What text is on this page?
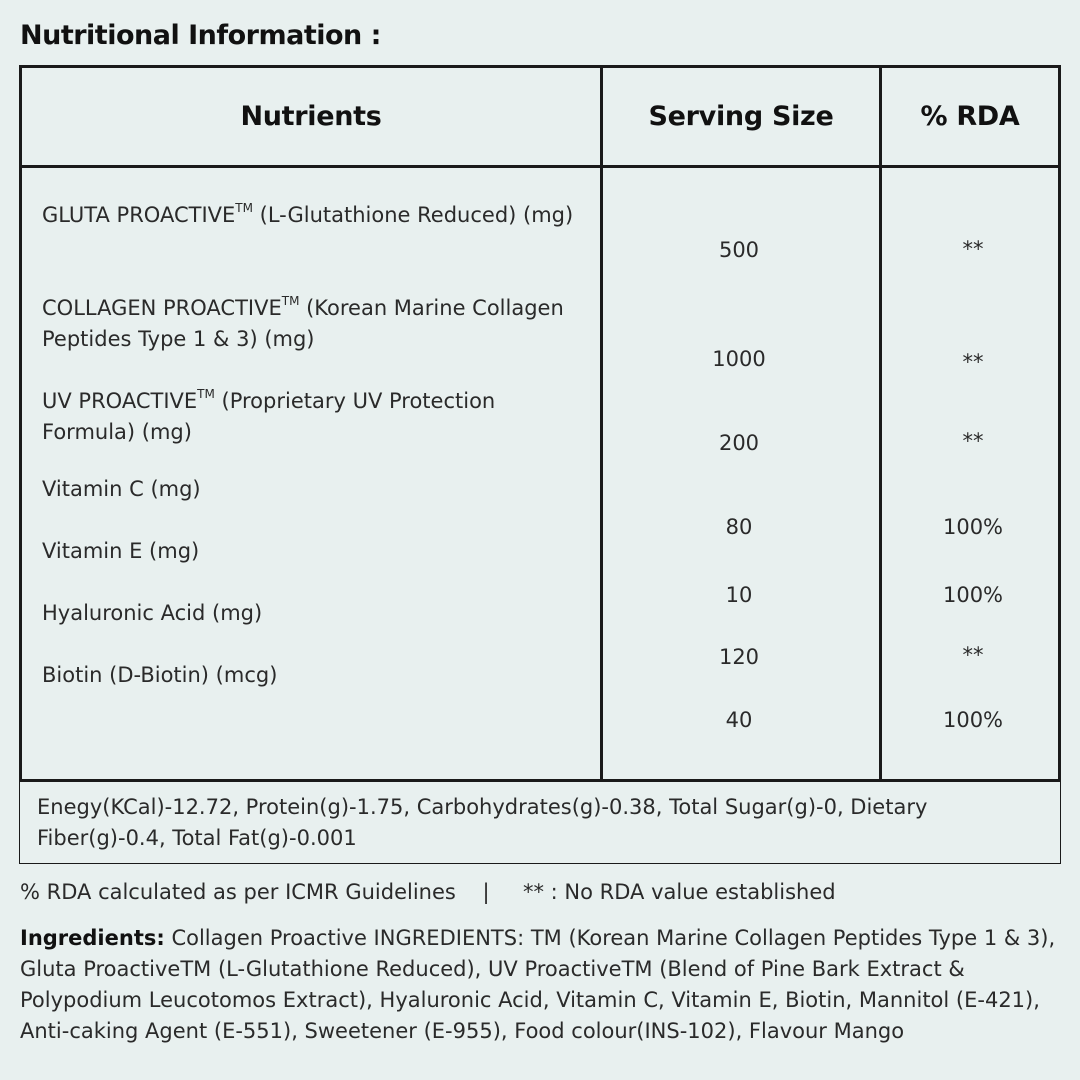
Nutritional Information :
Nutrients	Serving Size	% RDA
GLUTA PROACTIVE™ (L-Glutathione Reduced) (mg)
COLLAGEN PROACTIVE™ (Korean Marine Collagen Peptides Type 1 & 3) (mg)
UV PROACTIVE™ (Proprietary UV Protection Formula) (mg)
Vitamin C (mg)
Vitamin E (mg)
Hyaluronic Acid (mg)
Biotin (D-Biotin) (mcg)
500
1000
200
80
10
120
40
**
**
**
100%
100%
**
100%
Enegy(KCal)-12.72, Protein(g)-1.75, Carbohydrates(g)-0.38, Total Sugar(g)-0, Dietary Fiber(g)-0.4, Total Fat(g)-0.001
% RDA calculated as per ICMR Guidelines | ** : No RDA value established
Ingredients: Collagen Proactive INGREDIENTS: TM (Korean Marine Collagen Peptides Type 1 & 3), Gluta ProactiveTM (L-Glutathione Reduced), UV ProactiveTM (Blend of Pine Bark Extract & Polypodium Leucotomos Extract), Hyaluronic Acid, Vitamin C, Vitamin E, Biotin, Mannitol (E-421), Anti-caking Agent (E-551), Sweetener (E-955), Food colour(INS-102), Flavour Mango
